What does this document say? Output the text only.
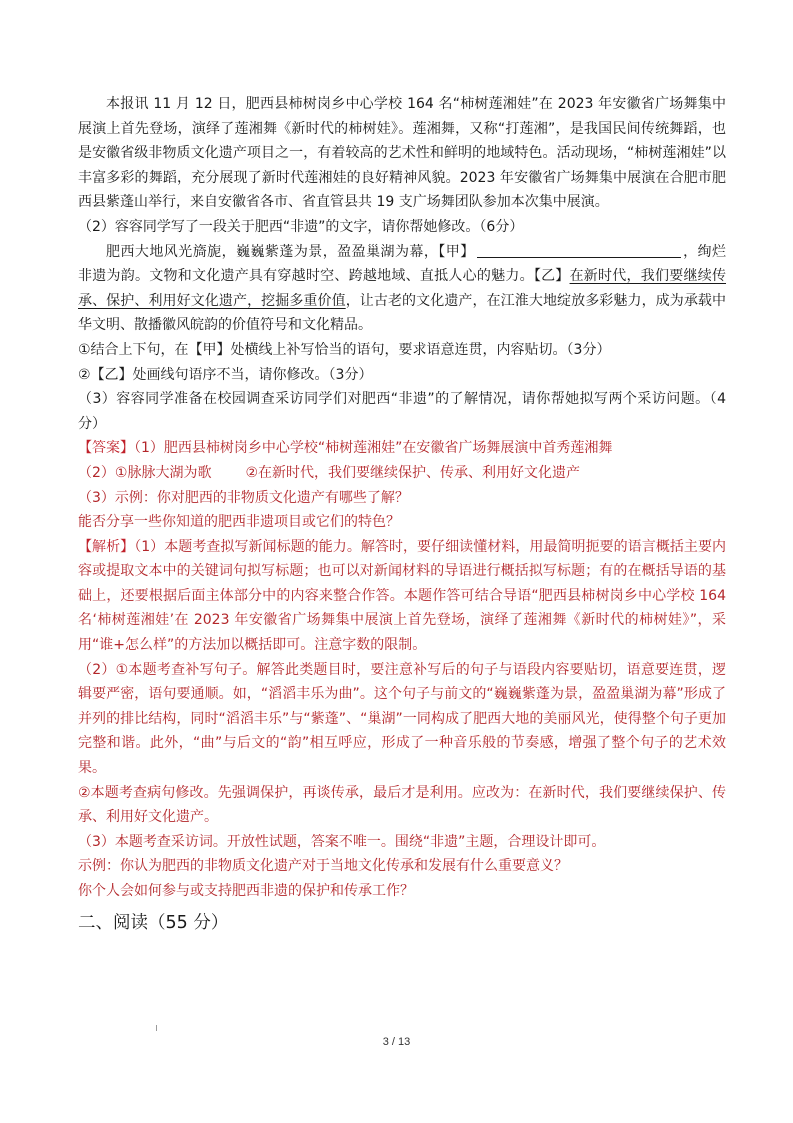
本报讯 11 月 12 日，肥西县柿树岗乡中心学校 164 名“柿树莲湘娃”在 2023 年安徽省广场舞集中展演上首先登场，演绎了莲湘舞《新时代的柿树娃》。莲湘舞，又称“打莲湘”，是我国民间传统舞蹈，也是安徽省级非物质文化遗产项目之一，有着较高的艺术性和鲜明的地域特色。活动现场，“柿树莲湘娃”以丰富多彩的舞蹈，充分展现了新时代莲湘娃的良好精神风貌。2023 年安徽省广场舞集中展演在合肥市肥西县紫蓬山举行，来自安徽省各市、省直管县共 19 支广场舞团队参加本次集中展演。

（2）容容同学写了一段关于肥西“非遗”的文字，请你帮她修改。（6分）

肥西大地风光旖旎，巍巍紫蓬为景，盈盈巢湖为幕，【甲】	，绚烂非遗为韵。文物和文化遗产具有穿越时空、跨越地域、直抵人心的魅力。【乙】在新时代，我们要继续传承、保护、利用好文化遗产，挖掘多重价值，让古老的文化遗产，在江淮大地绽放多彩魅力，成为承载中华文明、散播徽风皖韵的价值符号和文化精品。

①结合上下句，在【甲】处横线上补写恰当的语句，要求语意连贯，内容贴切。（3分）

②【乙】处画线句语序不当，请你修改。（3分）

（3）容容同学准备在校园调查采访同学们对肥西“非遗”的了解情况，请你帮她拟写两个采访问题。（4分）

【答案】（1）肥西县柿树岗乡中心学校“柿树莲湘娃”在安徽省广场舞展演中首秀莲湘舞

（2）①脉脉大湖为歌 ②在新时代，我们要继续保护、传承、利用好文化遗产

（3）示例：你对肥西的非物质文化遗产有哪些了解？

能否分享一些你知道的肥西非遗项目或它们的特色？

【解析】（1）本题考查拟写新闻标题的能力。解答时，要仔细读懂材料，用最简明扼要的语言概括主要内容或提取文本中的关键词句拟写标题；也可以对新闻材料的导语进行概括拟写标题；有的在概括导语的基础上，还要根据后面主体部分中的内容来整合作答。本题作答可结合导语“肥西县柿树岗乡中心学校 164 名‘柿树莲湘娃’在 2023 年安徽省广场舞集中展演上首先登场，演绎了莲湘舞《新时代的柿树娃》”，采用“谁+怎么样”的方法加以概括即可。注意字数的限制。

（2）①本题考查补写句子。解答此类题目时，要注意补写后的句子与语段内容要贴切，语意要连贯，逻辑要严密，语句要通顺。如，“滔滔丰乐为曲”。这个句子与前文的“巍巍紫蓬为景，盈盈巢湖为幕”形成了并列的排比结构，同时“滔滔丰乐”与“紫蓬”、“巢湖”一同构成了肥西大地的美丽风光，使得整个句子更加完整和谐。此外，“曲”与后文的“韵”相互呼应，形成了一种音乐般的节奏感，增强了整个句子的艺术效果。

②本题考查病句修改。先强调保护，再谈传承，最后才是利用。应改为：在新时代，我们要继续保护、传承、利用好文化遗产。

（3）本题考查采访词。开放性试题，答案不唯一。围绕“非遗”主题，合理设计即可。

示例：你认为肥西的非物质文化遗产对于当地文化传承和发展有什么重要意义？

你个人会如何参与或支持肥西非遗的保护和传承工作？

二、阅读（55 分）

3 / 13
